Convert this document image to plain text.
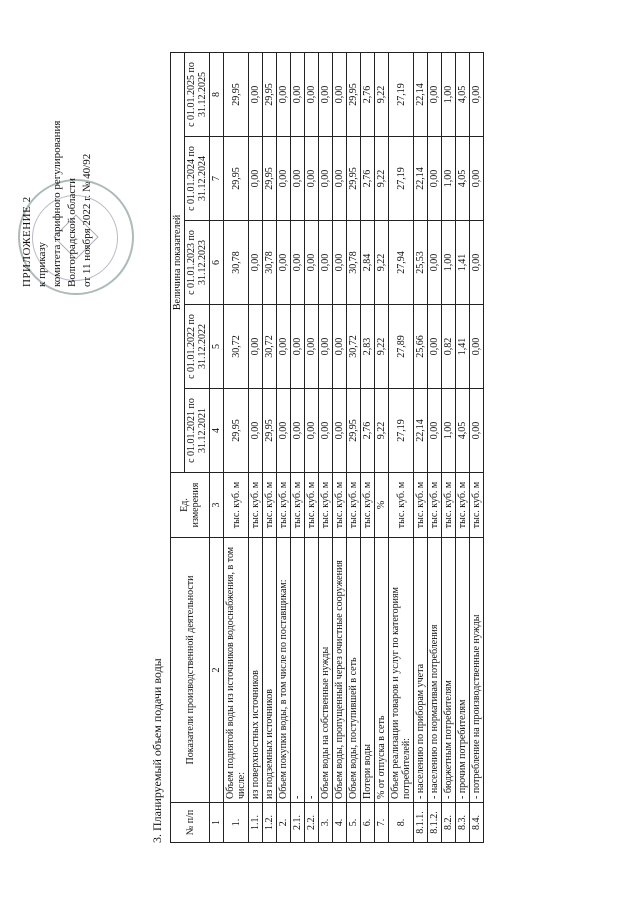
ПРИЛОЖЕНИЕ 2 к приказу комитета тарифного регулирования Волгоградской области от 11 ноября 2022 г. № 40/92
3. Планируемый объем подачи воды № п/п	Показатели производственной деятельности	Ед. измерения	Величина показателей				
			с 01.01.2021 по 31.12.2021	с 01.01.2022 по 31.12.2022	с 01.01.2023 по 31.12.2023	с 01.01.2024 по 31.12.2024	с 01.01.2025 по 31.12.2025
1	2	3	4	5	6	7	8
1.	Объем поднятой воды из источников водоснабжения, в том числе:	тыс. куб. м	29,95	30,72	30,78	29,95	29,95
1.1.	из поверхностных источников	тыс. куб. м	0,00	0,00	0,00	0,00	0,00
1.2.	из подземных источников	тыс. куб. м	29,95	30,72	30,78	29,95	29,95
2.	Объем покупки воды, в том числе по поставщикам:	тыс. куб. м	0,00	0,00	0,00	0,00	0,00
2.1.	-	тыс. куб. м	0,00	0,00	0,00	0,00	0,00
2.2.	-	тыс. куб. м	0,00	0,00	0,00	0,00	0,00
3.	Объем воды на собственные нужды	тыс. куб. м	0,00	0,00	0,00	0,00	0,00
4.	Объем воды, пропущенный через очистные сооружения	тыс. куб. м	0,00	0,00	0,00	0,00	0,00
5.	Объем воды, поступившей в сеть	тыс. куб. м	29,95	30,72	30,78	29,95	29,95
6.	Потери воды	тыс. куб. м	2,76	2,83	2,84	2,76	2,76
7.	% от отпуска в сеть	%	9,22	9,22	9,22	9,22	9,22
8.	Объем реализации товаров и услуг по категориям потребителей:	тыс. куб. м	27,19	27,89	27,94	27,19	27,19
8.1.1.	- населению по приборам учета	тыс. куб. м	22,14	25,66	25,53	22,14	22,14
8.1.2.	- населению по нормативам потребления	тыс. куб. м	0,00	0,00	0,00	0,00	0,00
8.2.	- бюджетным потребителям	тыс. куб. м	1,00	0,82	1,00	1,00	1,00
8.3.	- прочим потребителям	тыс. куб. м	4,05	1,41	1,41	4,05	4,05
8.4.	- потребление на производственные нужды	тыс. куб. м	0,00	0,00	0,00	0,00	0,00
